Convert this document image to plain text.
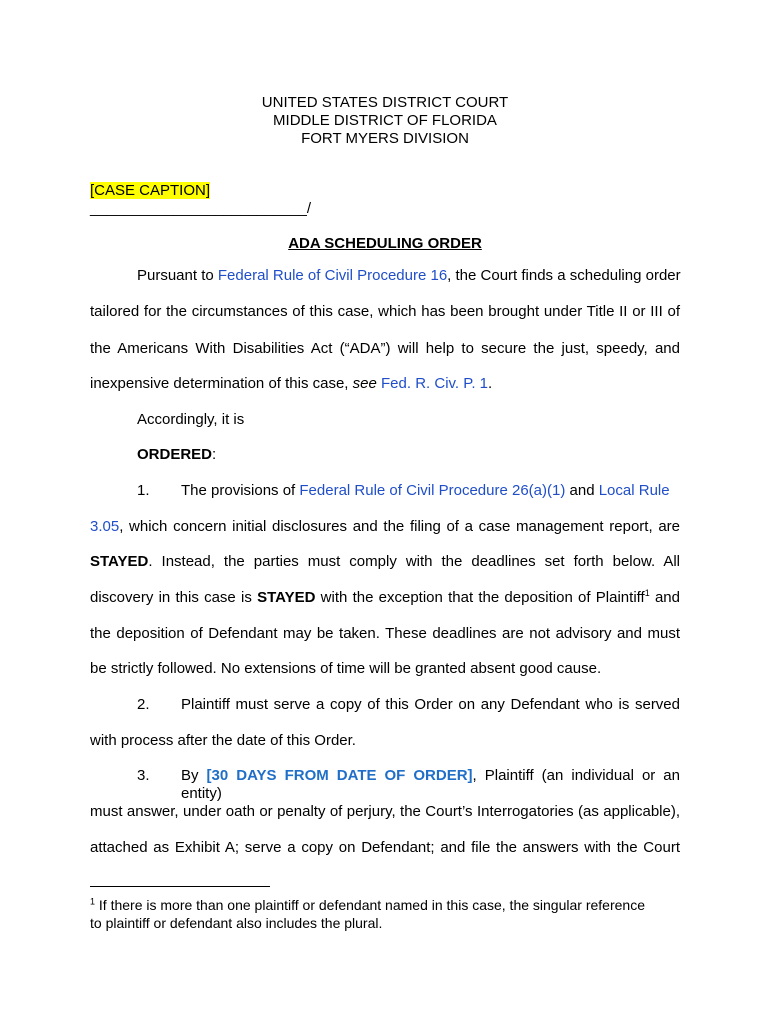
UNITED STATES DISTRICT COURT
MIDDLE DISTRICT OF FLORIDA
FORT MYERS DIVISION
[CASE CAPTION]
__________________________/
ADA SCHEDULING ORDER
Pursuant to Federal Rule of Civil Procedure 16, the Court finds a scheduling order
tailored for the circumstances of this case, which has been brought under Title II or III of
the Americans With Disabilities Act (“ADA”) will help to secure the just, speedy, and
inexpensive determination of this case, see Fed. R. Civ. P. 1.
Accordingly, it is
ORDERED:
1. The provisions of Federal Rule of Civil Procedure 26(a)(1) and Local Rule
3.05, which concern initial disclosures and the filing of a case management report, are
STAYED. Instead, the parties must comply with the deadlines set forth below. All
discovery in this case is STAYED with the exception that the deposition of Plaintiff$^1$ and
the deposition of Defendant may be taken. These deadlines are not advisory and must
be strictly followed. No extensions of time will be granted absent good cause.
2. Plaintiff must serve a copy of this Order on any Defendant who is served
with process after the date of this Order.
3. By [30 DAYS FROM DATE OF ORDER], Plaintiff (an individual or an entity)
must answer, under oath or penalty of perjury, the Court’s Interrogatories (as applicable),
attached as Exhibit A; serve a copy on Defendant; and file the answers with the Court
$^1$ If there is more than one plaintiff or defendant named in this case, the singular reference
to plaintiff or defendant also includes the plural.
